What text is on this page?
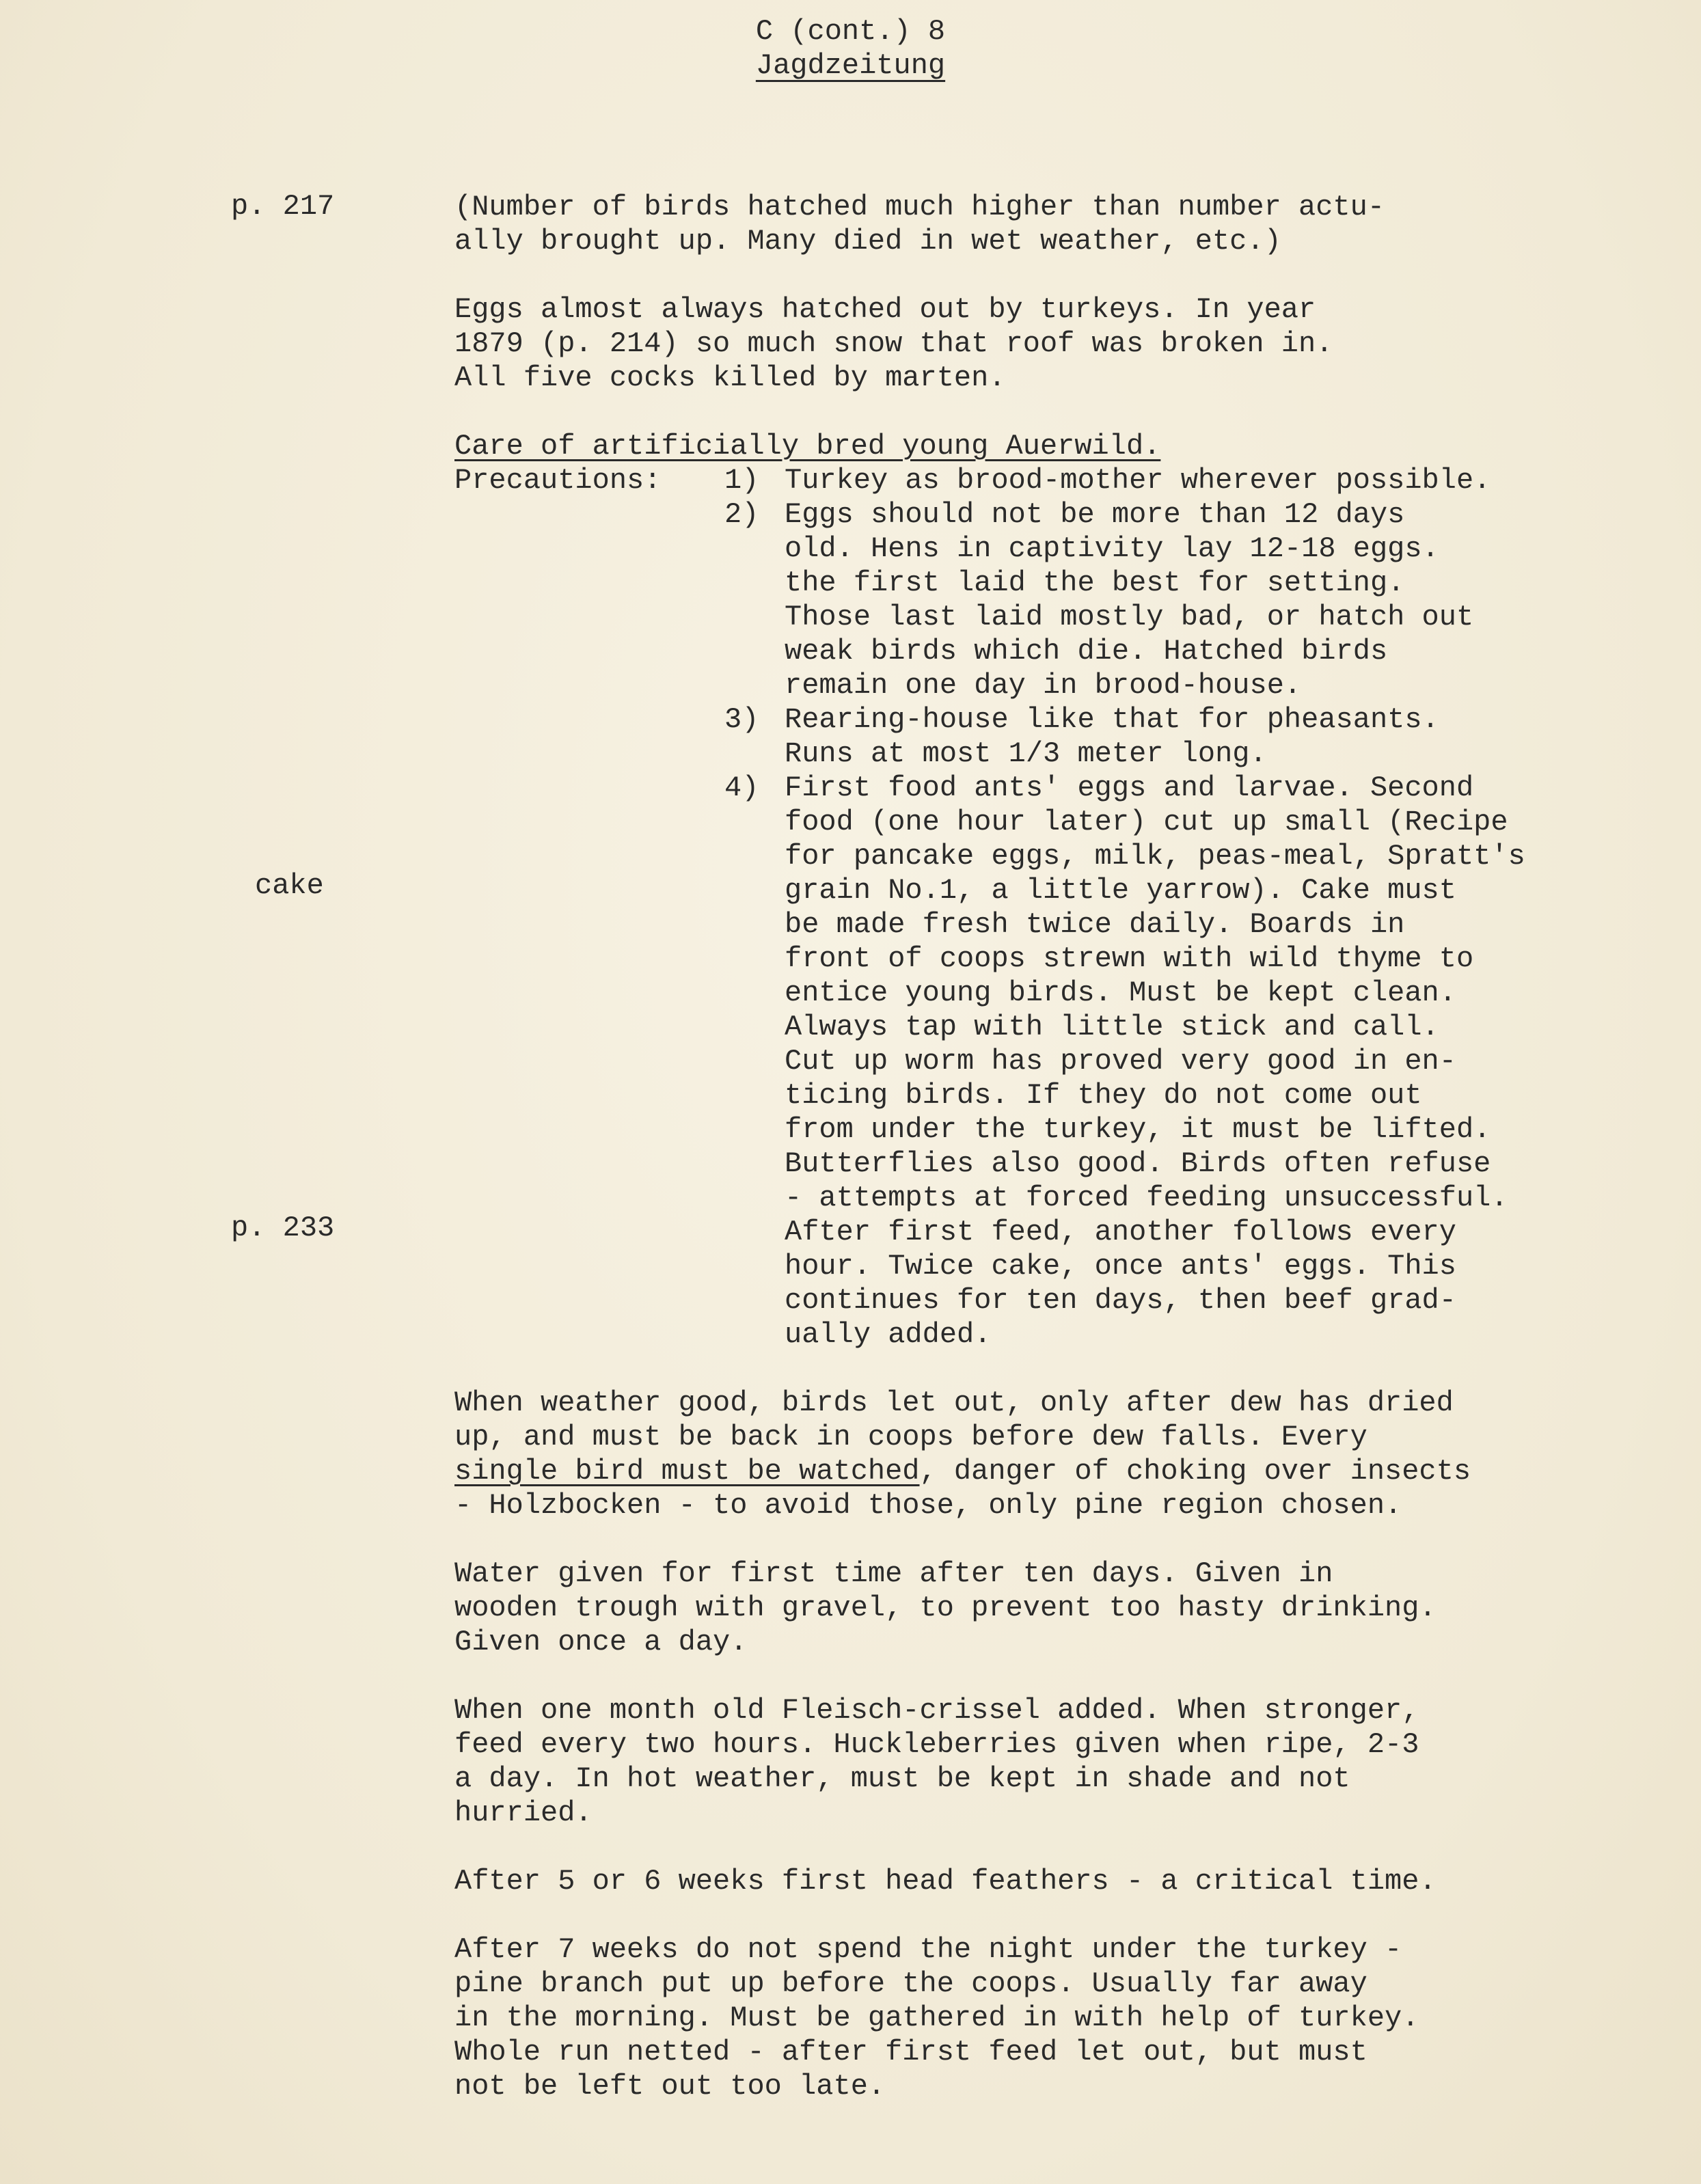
C (cont.) 8
Jagdzeitung
p. 217
cake
p. 233
(Number of birds hatched much higher than number actu-
ally brought up. Many died in wet weather, etc.)
Eggs almost always hatched out by turkeys. In year
1879 (p. 214) so much snow that roof was broken in.
All five cocks killed by marten.
Care of artificially bred young Auerwild.
Precautions: 1) Turkey as brood-mother wherever possible.
2) Eggs should not be more than 12 days
old. Hens in captivity lay 12-18 eggs.
the first laid the best for setting.
Those last laid mostly bad, or hatch out
weak birds which die. Hatched birds
remain one day in brood-house.
3) Rearing-house like that for pheasants.
Runs at most 1/3 meter long.
4) First food ants' eggs and larvae. Second
food (one hour later) cut up small (Recipe
for pancake eggs, milk, peas-meal, Spratt's
grain No.1, a little yarrow). Cake must
be made fresh twice daily. Boards in
front of coops strewn with wild thyme to
entice young birds. Must be kept clean.
Always tap with little stick and call.
Cut up worm has proved very good in en-
ticing birds. If they do not come out
from under the turkey, it must be lifted.
Butterflies also good. Birds often refuse
- attempts at forced feeding unsuccessful.
After first feed, another follows every
hour. Twice cake, once ants' eggs. This
continues for ten days, then beef grad-
ually added.
When weather good, birds let out, only after dew has dried
up, and must be back in coops before dew falls. Every
single bird must be watched, danger of choking over insects
- Holzbocken - to avoid those, only pine region chosen.
Water given for first time after ten days. Given in
wooden trough with gravel, to prevent too hasty drinking.
Given once a day.
When one month old Fleisch-crissel added. When stronger,
feed every two hours. Huckleberries given when ripe, 2-3
a day. In hot weather, must be kept in shade and not
hurried.
After 5 or 6 weeks first head feathers - a critical time.
After 7 weeks do not spend the night under the turkey -
pine branch put up before the coops. Usually far away
in the morning. Must be gathered in with help of turkey.
Whole run netted - after first feed let out, but must
not be left out too late.
